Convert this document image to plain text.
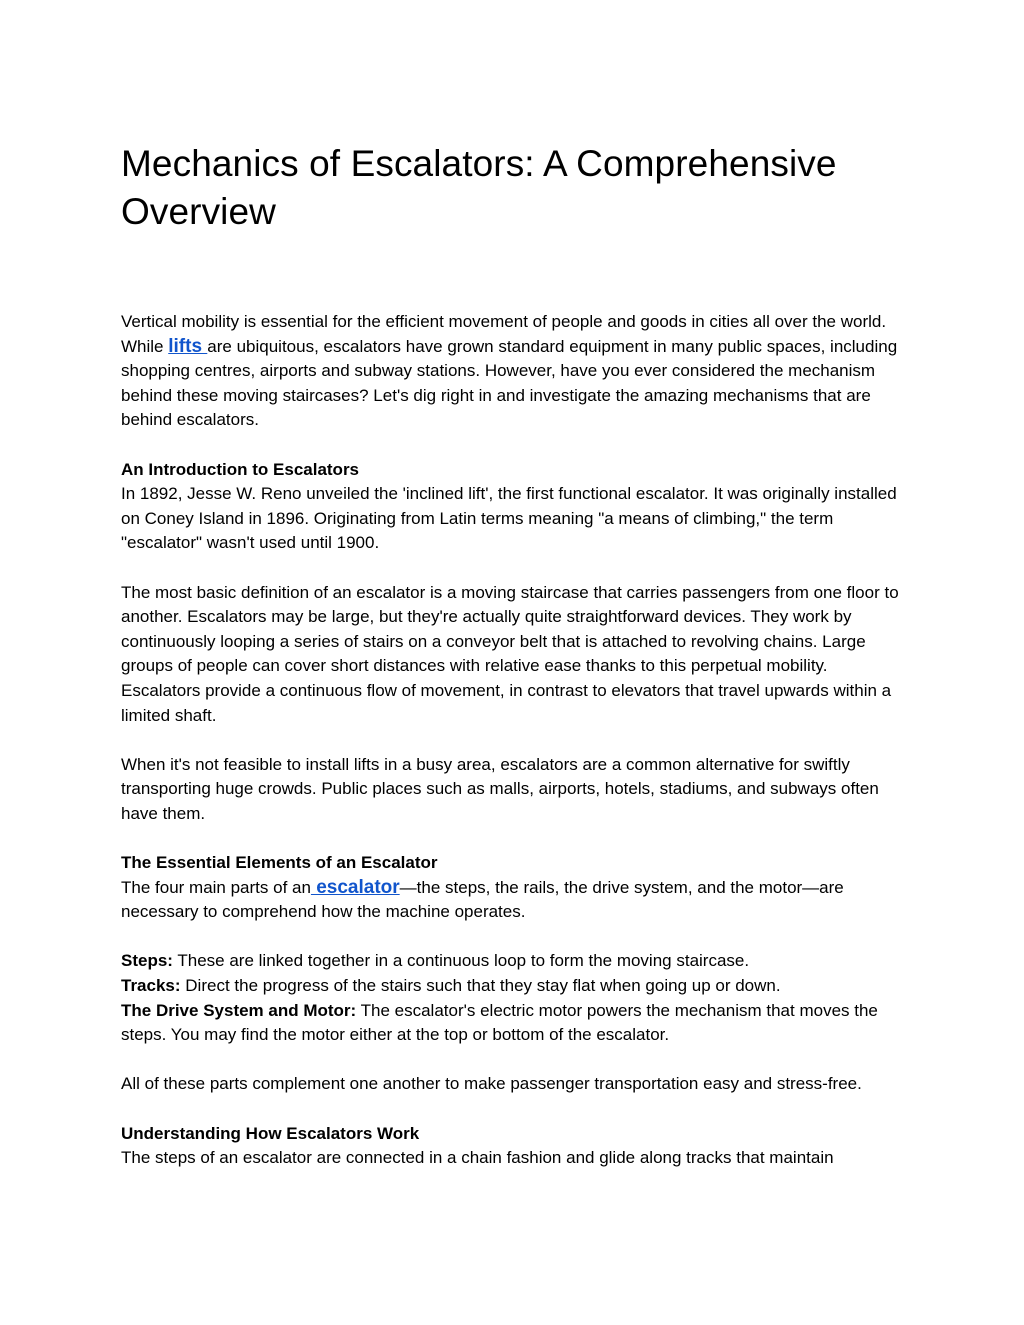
Mechanics of Escalators: A Comprehensive Overview

Vertical mobility is essential for the efficient movement of people and goods in cities all over the world. While lifts are ubiquitous, escalators have grown standard equipment in many public spaces, including shopping centres, airports and subway stations. However, have you ever considered the mechanism behind these moving staircases? Let's dig right in and investigate the amazing mechanisms that are behind escalators.

An Introduction to Escalators
In 1892, Jesse W. Reno unveiled the 'inclined lift', the first functional escalator. It was originally installed on Coney Island in 1896. Originating from Latin terms meaning "a means of climbing," the term "escalator" wasn't used until 1900.

The most basic definition of an escalator is a moving staircase that carries passengers from one floor to another. Escalators may be large, but they're actually quite straightforward devices. They work by continuously looping a series of stairs on a conveyor belt that is attached to revolving chains. Large groups of people can cover short distances with relative ease thanks to this perpetual mobility. Escalators provide a continuous flow of movement, in contrast to elevators that travel upwards within a limited shaft.

When it's not feasible to install lifts in a busy area, escalators are a common alternative for swiftly transporting huge crowds. Public places such as malls, airports, hotels, stadiums, and subways often have them.

The Essential Elements of an Escalator
The four main parts of an escalator—the steps, the rails, the drive system, and the motor—are necessary to comprehend how the machine operates.

Steps: These are linked together in a continuous loop to form the moving staircase.
Tracks: Direct the progress of the stairs such that they stay flat when going up or down.
The Drive System and Motor: The escalator's electric motor powers the mechanism that moves the steps. You may find the motor either at the top or bottom of the escalator.

All of these parts complement one another to make passenger transportation easy and stress-free.

Understanding How Escalators Work
The steps of an escalator are connected in a chain fashion and glide along tracks that maintain
